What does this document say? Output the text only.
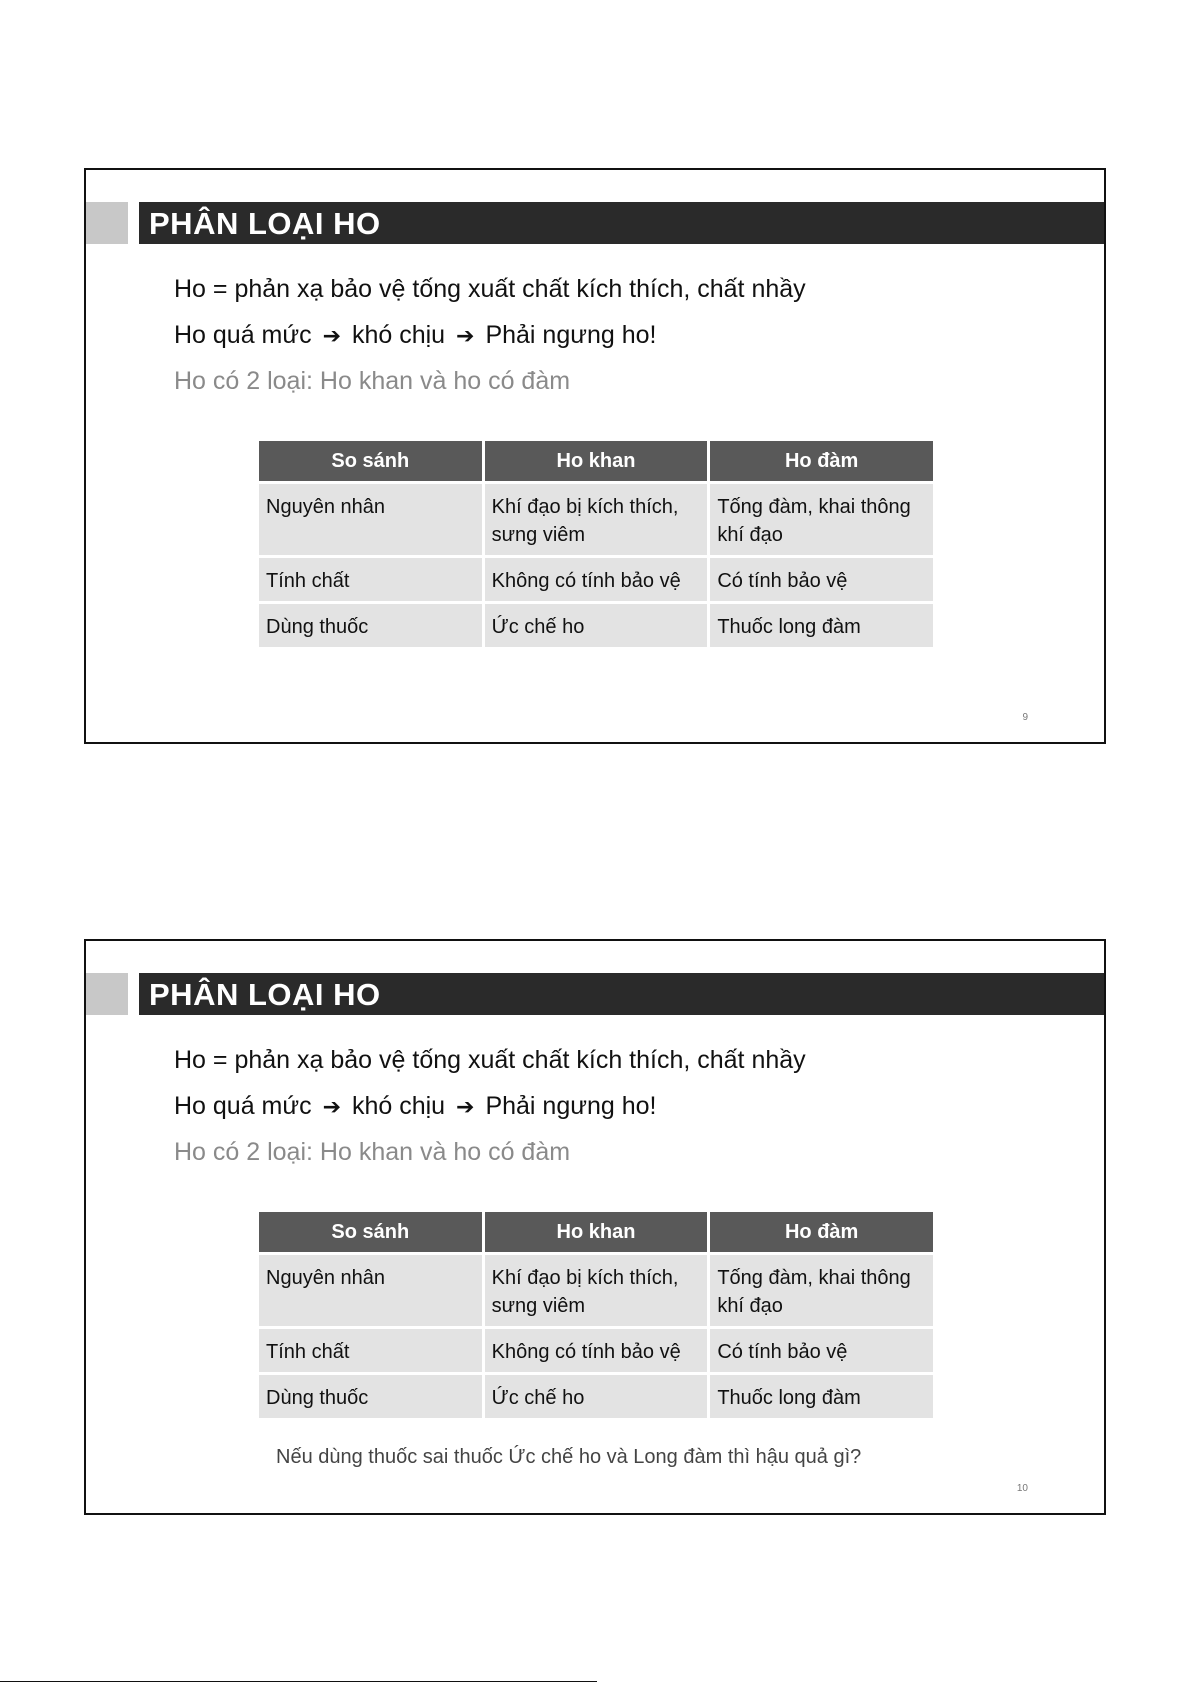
PHÂN LOẠI HO
Ho = phản xạ bảo vệ tống xuất chất kích thích, chất nhầy
Ho quá mức ➔ khó chịu ➔ Phải ngưng ho!
Ho có 2 loại: Ho khan và ho có đàm
So sánh	Ho khan	Ho đàm
Nguyên nhân	Khí đạo bị kích thích, sưng viêm	Tống đàm, khai thông khí đạo
Tính chất	Không có tính bảo vệ	Có tính bảo vệ
Dùng thuốc	Ức chế ho	Thuốc long đàm
9
PHÂN LOẠI HO
Ho = phản xạ bảo vệ tống xuất chất kích thích, chất nhầy
Ho quá mức ➔ khó chịu ➔ Phải ngưng ho!
Ho có 2 loại: Ho khan và ho có đàm
So sánh	Ho khan	Ho đàm
Nguyên nhân	Khí đạo bị kích thích, sưng viêm	Tống đàm, khai thông khí đạo
Tính chất	Không có tính bảo vệ	Có tính bảo vệ
Dùng thuốc	Ức chế ho	Thuốc long đàm
Nếu dùng thuốc sai thuốc Ức chế ho và Long đàm thì hậu quả gì?
10
